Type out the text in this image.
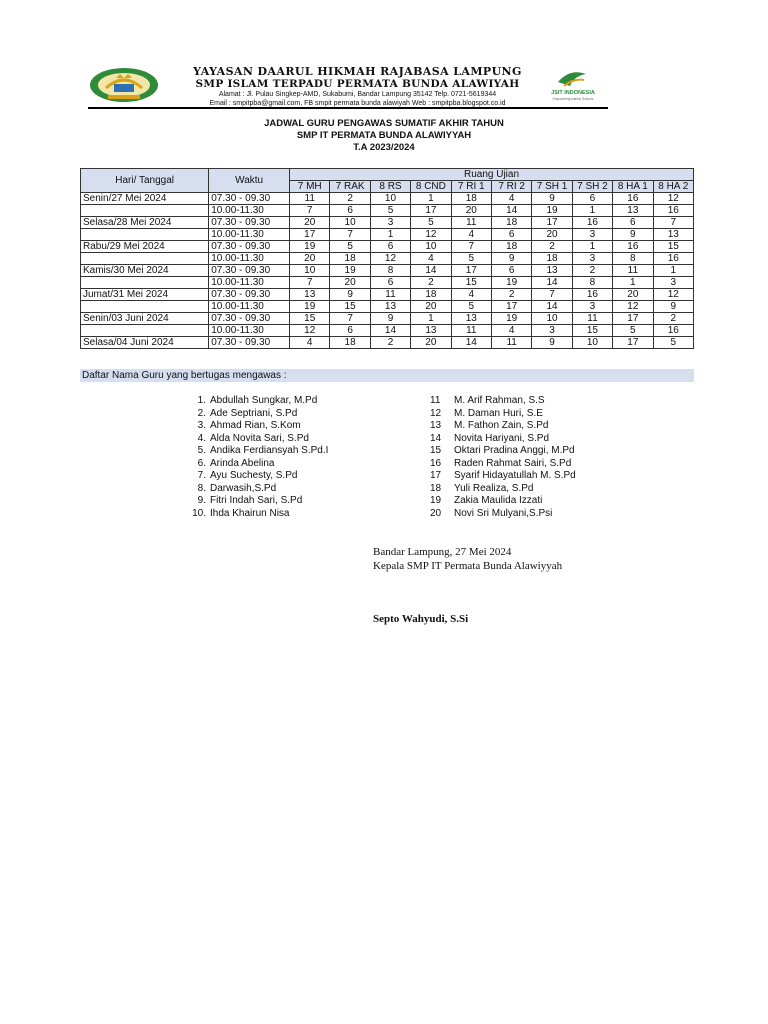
YAYASAN DAARUL HIKMAH RAJABASA LAMPUNG
SMP ISLAM TERPADU PERMATA BUNDA ALAWIYAH
Alamat : Jl. Pulau Singkep-AMD, Sukabumi, Bandar Lampung 35142 Telp. 0721-5619344
Email : smpitpba@gmail.com, FB smpit permata bunda alawiyah Web : smpitpba.blogspot.co.id
JSIT INDONESIA
Empowering Islamic Schools
JADWAL GURU PENGAWAS SUMATIF AKHIR TAHUN
SMP IT PERMATA BUNDA ALAWIYYAH
T.A 2023/2024
Hari/ Tanggal	Waktu	Ruang Ujian									
		7 MH	7 RAK	8 RS	8 CND	7 RI 1	7 RI 2	7 SH 1	7 SH 2	8 HA 1	8 HA 2
Senin/27 Mei 2024	07.30 - 09.30	11	2	10	1	18	4	9	6	16	12
	10.00-11.30	7	6	5	17	20	14	19	1	13	16
Selasa/28 Mei 2024	07.30 - 09.30	20	10	3	5	11	18	17	16	6	7
	10.00-11.30	17	7	1	12	4	6	20	3	9	13
Rabu/29 Mei 2024	07.30 - 09.30	19	5	6	10	7	18	2	1	16	15
	10.00-11.30	20	18	12	4	5	9	18	3	8	16
Kamis/30 Mei 2024	07.30 - 09.30	10	19	8	14	17	6	13	2	11	1
	10.00-11.30	7	20	6	2	15	19	14	8	1	3
Jumat/31 Mei 2024	07.30 - 09.30	13	9	11	18	4	2	7	16	20	12
	10.00-11.30	19	15	13	20	5	17	14	3	12	9
Senin/03 Juni 2024	07.30 - 09.30	15	7	9	1	13	19	10	11	17	2
	10.00-11.30	12	6	14	13	11	4	3	15	5	16
Selasa/04 Juni 2024	07.30 - 09.30	4	18	2	20	14	11	9	10	17	5
Daftar Nama Guru yang bertugas mengawas :
1. Abdullah Sungkar, M.Pd
2. Ade Septriani, S.Pd
3. Ahmad Rian, S.Kom
4. Alda Novita Sari, S.Pd
5. Andika Ferdiansyah S.Pd.I
6. Arinda Abelina
7. Ayu Suchesty, S.Pd
8. Darwasih,S.Pd
9. Fitri Indah Sari, S.Pd
10. Ihda Khairun Nisa
11	M. Arif Rahman, S.S
12	M. Daman Huri, S.E
13	M. Fathon Zain, S.Pd
14	Novita Hariyani, S.Pd
15	Oktari Pradina Anggi, M.Pd
16	Raden Rahmat Sairi, S.Pd
17	Syarif Hidayatullah M. S.Pd
18	Yuli Realiza, S.Pd
19	Zakia Maulida Izzati
20	Novi Sri Mulyani,S.Psi
Bandar Lampung, 27 Mei 2024
Kepala SMP IT Permata Bunda Alawiyyah
Septo Wahyudi, S.Si
